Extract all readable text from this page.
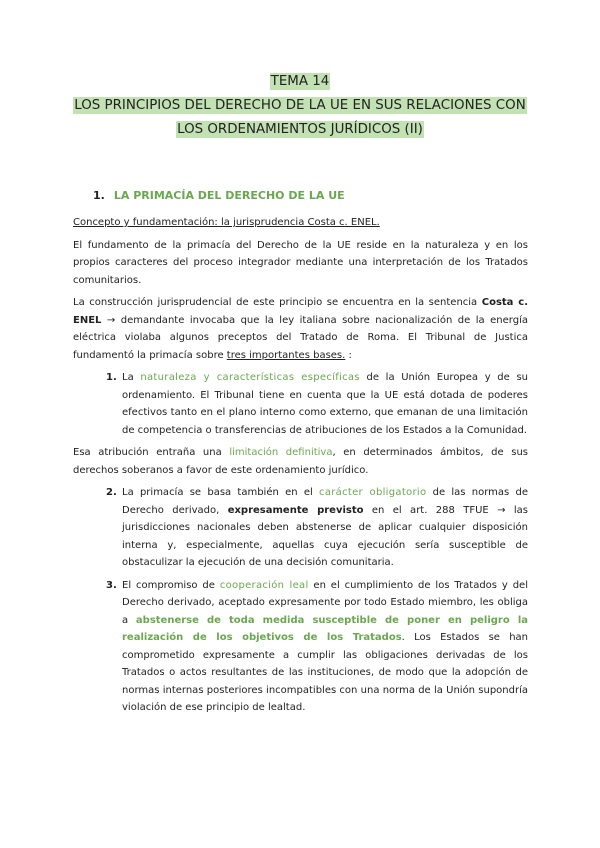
TEMA 14
LOS PRINCIPIOS DEL DERECHO DE LA UE EN SUS RELACIONES CON
LOS ORDENAMIENTOS JURÍDICOS (II)
1. LA PRIMACÍA DEL DERECHO DE LA UE

Concepto y fundamentación: la jurisprudencia Costa c. ENEL.

El fundamento de la primacía del Derecho de la UE reside en la naturaleza y en los propios caracteres del proceso integrador mediante una interpretación de los Tratados comunitarios.

La construcción jurisprudencial de este principio se encuentra en la sentencia Costa c. ENEL → demandante invocaba que la ley italiana sobre nacionalización de la energía eléctrica violaba algunos preceptos del Tratado de Roma. El Tribunal de Justica fundamentó la primacía sobre tres importantes bases. :

1. La naturaleza y características específicas de la Unión Europea y de su ordenamiento. El Tribunal tiene en cuenta que la UE está dotada de poderes efectivos tanto en el plano interno como externo, que emanan de una limitación de competencia o transferencias de atribuciones de los Estados a la Comunidad.

Esa atribución entraña una limitación definitiva, en determinados ámbitos, de sus derechos soberanos a favor de este ordenamiento jurídico.

2. La primacía se basa también en el carácter obligatorio de las normas de Derecho derivado, expresamente previsto en el art. 288 TFUE → las jurisdicciones nacionales deben abstenerse de aplicar cualquier disposición interna y, especialmente, aquellas cuya ejecución sería susceptible de obstaculizar la ejecución de una decisión comunitaria.
3. El compromiso de cooperación leal en el cumplimiento de los Tratados y del Derecho derivado, aceptado expresamente por todo Estado miembro, les obliga a abstenerse de toda medida susceptible de poner en peligro la realización de los objetivos de los Tratados. Los Estados se han comprometido expresamente a cumplir las obligaciones derivadas de los Tratados o actos resultantes de las instituciones, de modo que la adopción de normas internas posteriores incompatibles con una norma de la Unión supondría violación de ese principio de lealtad.
